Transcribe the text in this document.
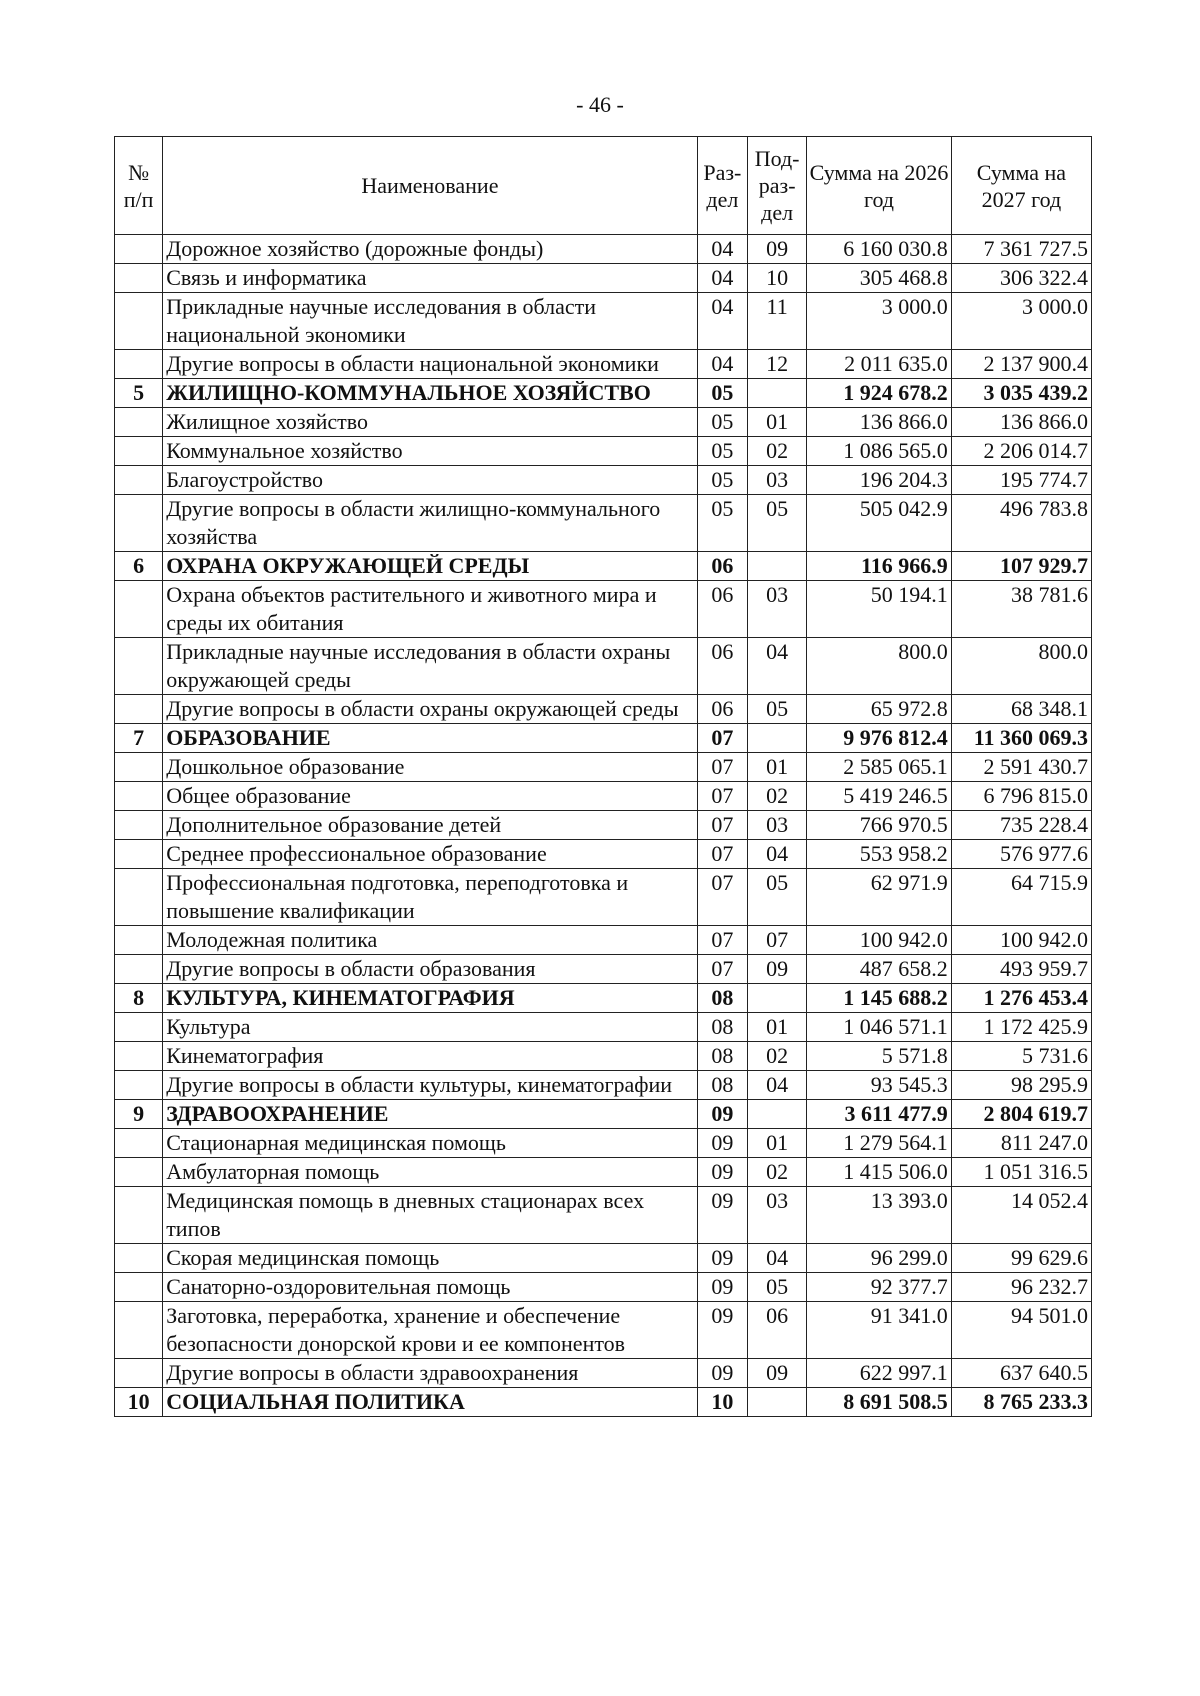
- 46 -
№ п/п	Наименование	Раз-дел	Под-раз-дел	Сумма на 2026 год	Сумма на 2027 год
	Дорожное хозяйство (дорожные фонды)	04	09	6 160 030.8	7 361 727.5
	Связь и информатика	04	10	305 468.8	306 322.4
	Прикладные научные исследования в области национальной экономики	04	11	3 000.0	3 000.0
	Другие вопросы в области национальной экономики	04	12	2 011 635.0	2 137 900.4
5	ЖИЛИЩНО-КОММУНАЛЬНОЕ ХОЗЯЙСТВО	05		1 924 678.2	3 035 439.2
	Жилищное хозяйство	05	01	136 866.0	136 866.0
	Коммунальное хозяйство	05	02	1 086 565.0	2 206 014.7
	Благоустройство	05	03	196 204.3	195 774.7
	Другие вопросы в области жилищно-коммунального хозяйства	05	05	505 042.9	496 783.8
6	ОХРАНА ОКРУЖАЮЩЕЙ СРЕДЫ	06		116 966.9	107 929.7
	Охрана объектов растительного и животного мира и среды их обитания	06	03	50 194.1	38 781.6
	Прикладные научные исследования в области охраны окружающей среды	06	04	800.0	800.0
	Другие вопросы в области охраны окружающей среды	06	05	65 972.8	68 348.1
7	ОБРАЗОВАНИЕ	07		9 976 812.4	11 360 069.3
	Дошкольное образование	07	01	2 585 065.1	2 591 430.7
	Общее образование	07	02	5 419 246.5	6 796 815.0
	Дополнительное образование детей	07	03	766 970.5	735 228.4
	Среднее профессиональное образование	07	04	553 958.2	576 977.6
	Профессиональная подготовка, переподготовка и повышение квалификации	07	05	62 971.9	64 715.9
	Молодежная политика	07	07	100 942.0	100 942.0
	Другие вопросы в области образования	07	09	487 658.2	493 959.7
8	КУЛЬТУРА, КИНЕМАТОГРАФИЯ	08		1 145 688.2	1 276 453.4
	Культура	08	01	1 046 571.1	1 172 425.9
	Кинематография	08	02	5 571.8	5 731.6
	Другие вопросы в области культуры, кинематографии	08	04	93 545.3	98 295.9
9	ЗДРАВООХРАНЕНИЕ	09		3 611 477.9	2 804 619.7
	Стационарная медицинская помощь	09	01	1 279 564.1	811 247.0
	Амбулаторная помощь	09	02	1 415 506.0	1 051 316.5
	Медицинская помощь в дневных стационарах всех типов	09	03	13 393.0	14 052.4
	Скорая медицинская помощь	09	04	96 299.0	99 629.6
	Санаторно-оздоровительная помощь	09	05	92 377.7	96 232.7
	Заготовка, переработка, хранение и обеспечение безопасности донорской крови и ее компонентов	09	06	91 341.0	94 501.0
	Другие вопросы в области здравоохранения	09	09	622 997.1	637 640.5
10	СОЦИАЛЬНАЯ ПОЛИТИКА	10		8 691 508.5	8 765 233.3
